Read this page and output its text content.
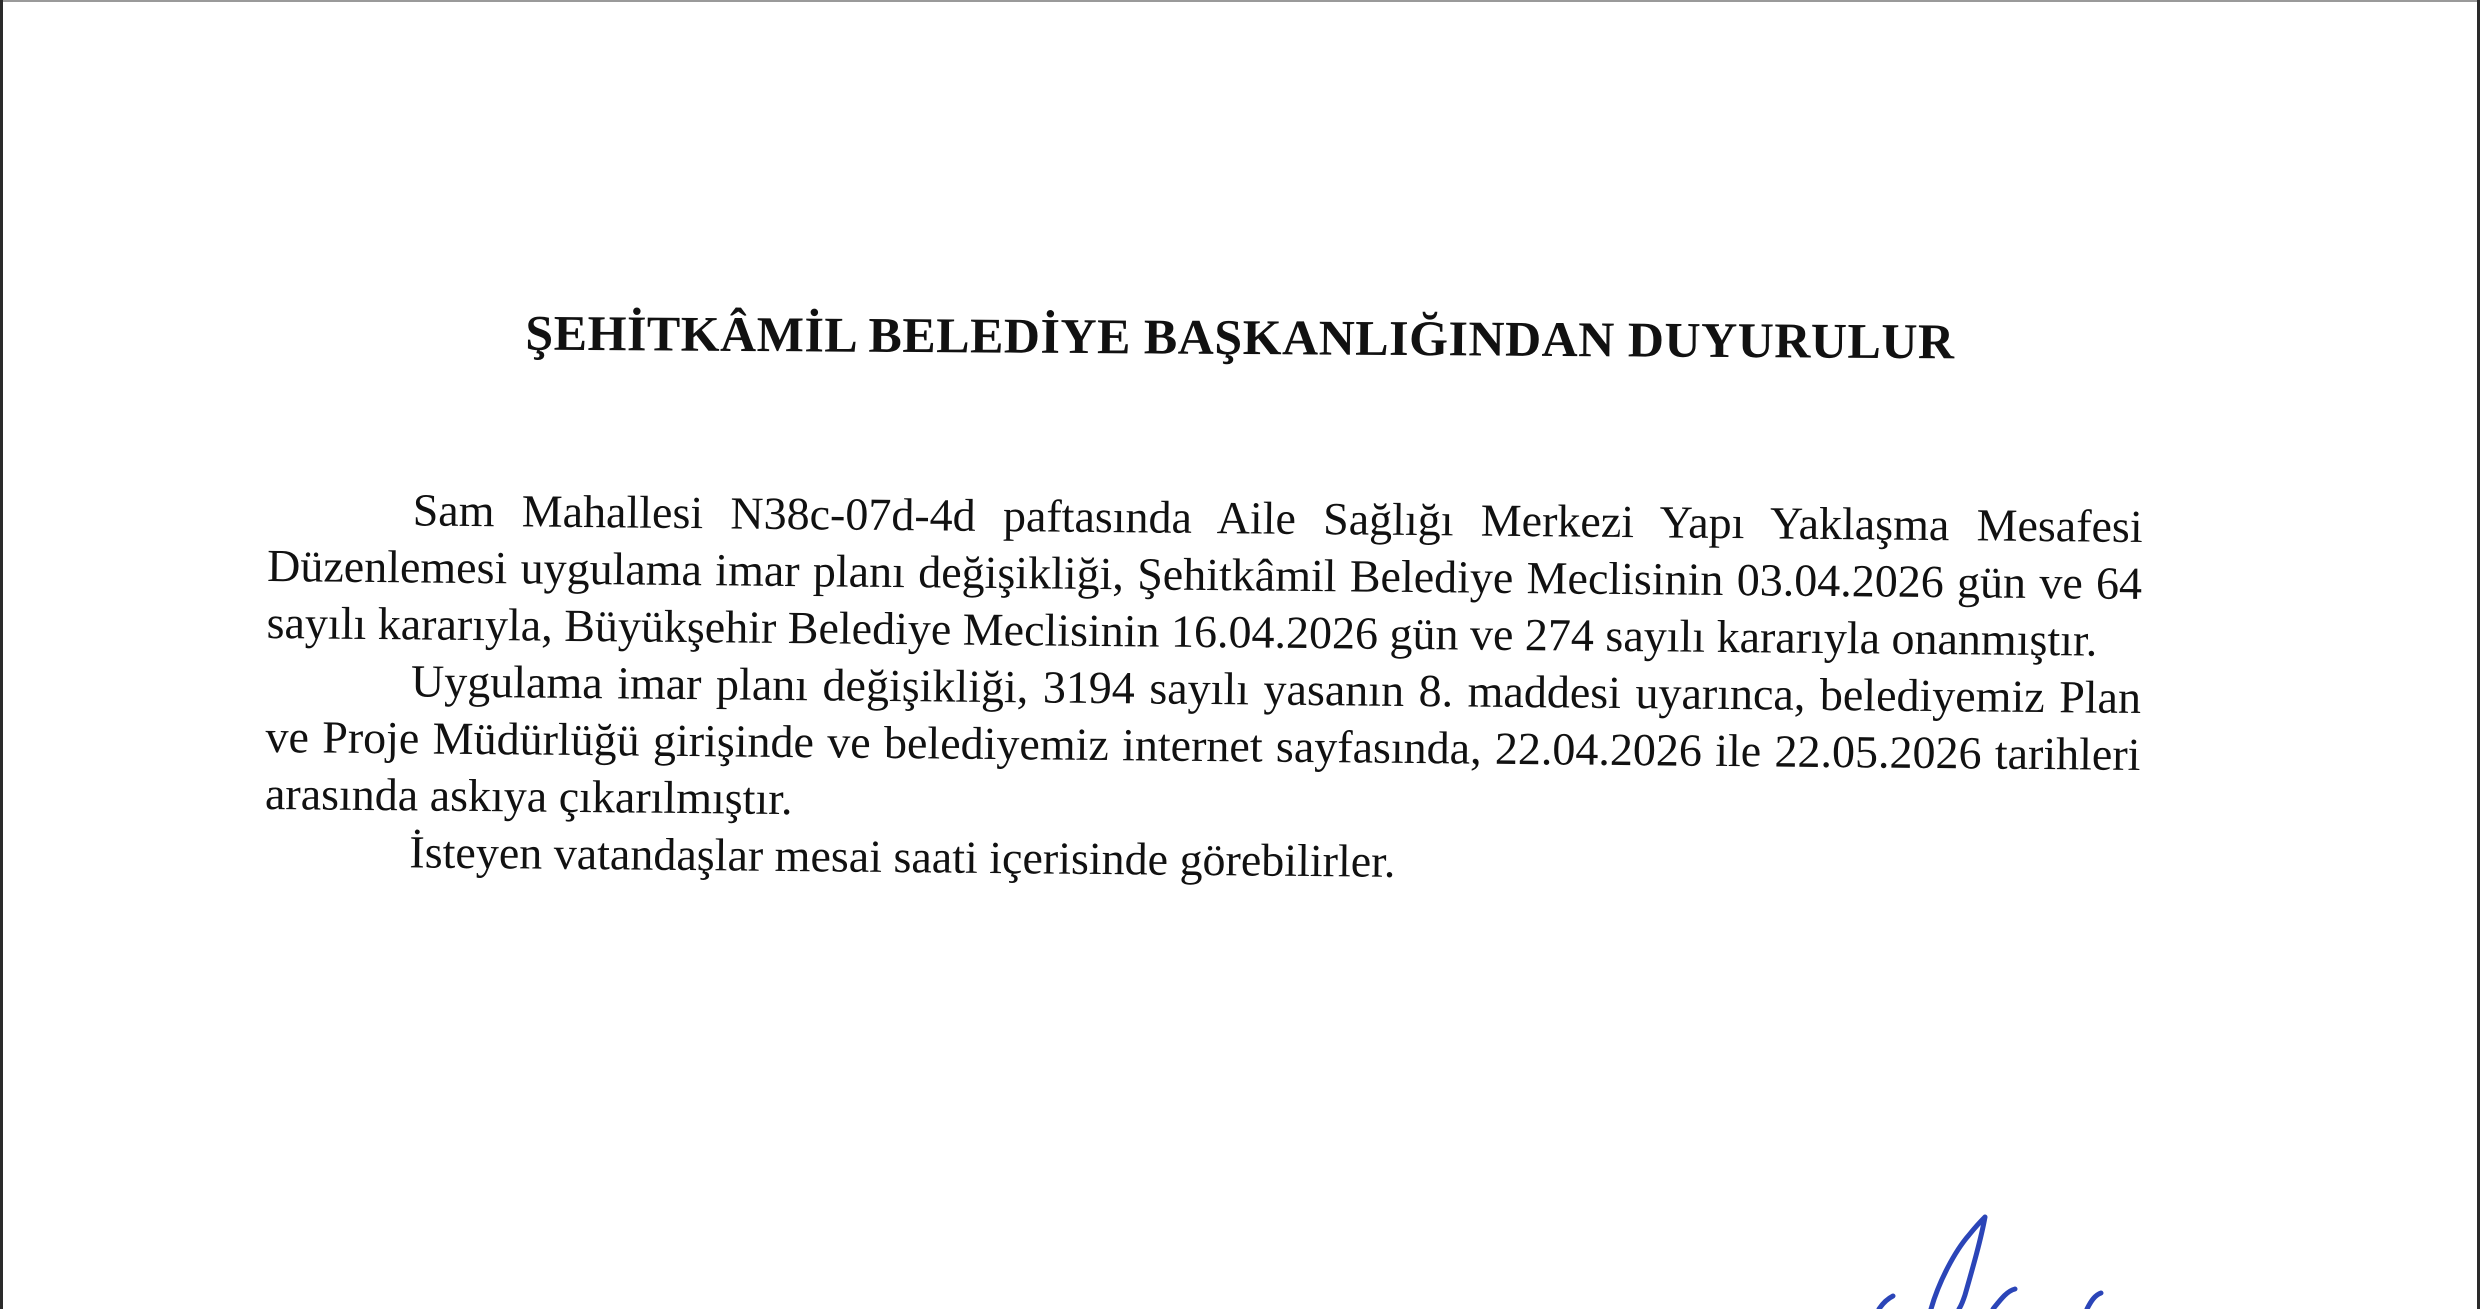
ŞEHİTKÂMİL BELEDİYE BAŞKANLIĞINDAN DUYURULUR

Sam Mahallesi N38c-07d-4d paftasında Aile Sağlığı Merkezi Yapı Yaklaşma Mesafesi Düzenlemesi uygulama imar planı değişikliği, Şehitkâmil Belediye Meclisinin 03.04.2026 gün ve 64 sayılı kararıyla, Büyükşehir Belediye Meclisinin 16.04.2026 gün ve 274 sayılı kararıyla onanmıştır.

Uygulama imar planı değişikliği, 3194 sayılı yasanın 8. maddesi uyarınca, belediyemiz Plan ve Proje Müdürlüğü girişinde ve belediyemiz internet sayfasında, 22.04.2026 ile 22.05.2026 tarihleri arasında askıya çıkarılmıştır.

İsteyen vatandaşlar mesai saati içerisinde görebilirler.
